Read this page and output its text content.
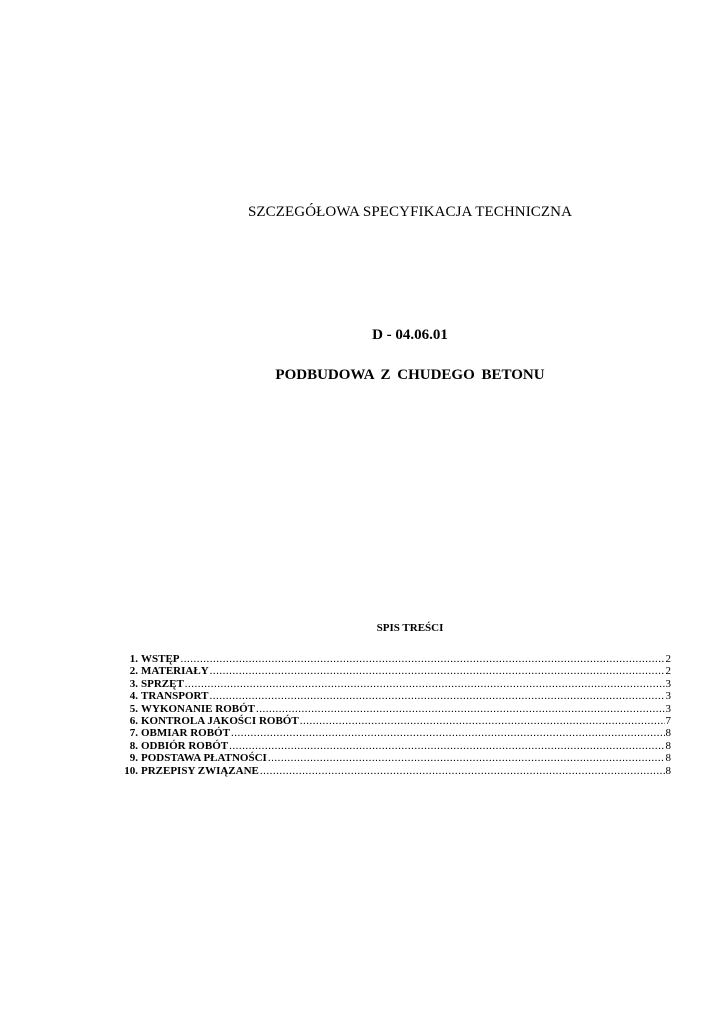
SZCZEGÓŁOWA SPECYFIKACJA TECHNICZNA
D - 04.06.01
PODBUDOWA Z CHUDEGO BETONU
SPIS TREŚCI
1. WSTĘP .....	2
2. MATERIAŁY .....	2
3. SPRZĘT .....	3
4. TRANSPORT .....	3
5. WYKONANIE ROBÓT .....	3
6. KONTROLA JAKOŚCI ROBÓT .....	7
7. OBMIAR ROBÓT .....	8
8. ODBIÓR ROBÓT .....	8
9. PODSTAWA PŁATNOŚCI .....	8
10. PRZEPISY ZWIĄZANE .....	8
